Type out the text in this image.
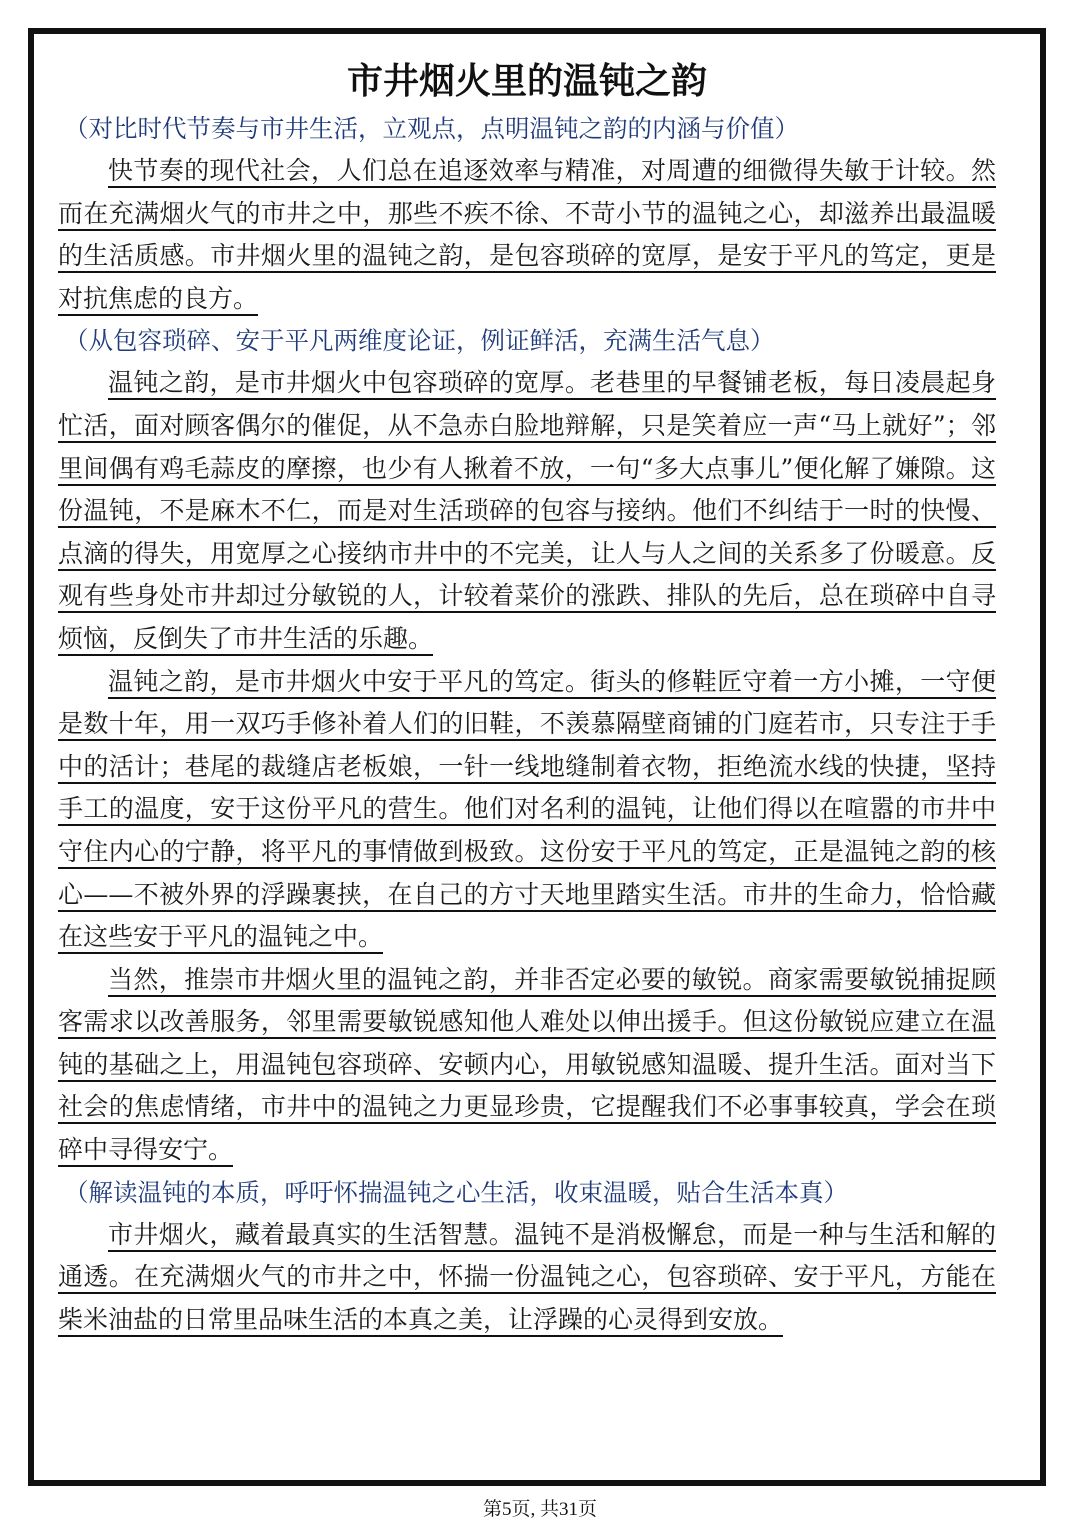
市井烟火里的温钝之韵

（对比时代节奏与市井生活，立观点，点明温钝之韵的内涵与价值）

快节奏的现代社会，人们总在追逐效率与精准，对周遭的细微得失敏于计较。然而在充满烟火气的市井之中，那些不疾不徐、不苛小节的温钝之心，却滋养出最温暖的生活质感。市井烟火里的温钝之韵，是包容琐碎的宽厚，是安于平凡的笃定，更是对抗焦虑的良方。

（从包容琐碎、安于平凡两维度论证，例证鲜活，充满生活气息）

温钝之韵，是市井烟火中包容琐碎的宽厚。老巷里的早餐铺老板，每日凌晨起身忙活，面对顾客偶尔的催促，从不急赤白脸地辩解，只是笑着应一声“马上就好”；邻里间偶有鸡毛蒜皮的摩擦，也少有人揪着不放，一句“多大点事儿”便化解了嫌隙。这份温钝，不是麻木不仁，而是对生活琐碎的包容与接纳。他们不纠结于一时的快慢、点滴的得失，用宽厚之心接纳市井中的不完美，让人与人之间的关系多了份暖意。反观有些身处市井却过分敏锐的人，计较着菜价的涨跌、排队的先后，总在琐碎中自寻烦恼，反倒失了市井生活的乐趣。

温钝之韵，是市井烟火中安于平凡的笃定。街头的修鞋匠守着一方小摊，一守便是数十年，用一双巧手修补着人们的旧鞋，不羡慕隔壁商铺的门庭若市，只专注于手中的活计；巷尾的裁缝店老板娘，一针一线地缝制着衣物，拒绝流水线的快捷，坚持手工的温度，安于这份平凡的营生。他们对名利的温钝，让他们得以在喧嚣的市井中守住内心的宁静，将平凡的事情做到极致。这份安于平凡的笃定，正是温钝之韵的核心——不被外界的浮躁裹挟，在自己的方寸天地里踏实生活。市井的生命力，恰恰藏在这些安于平凡的温钝之中。

当然，推崇市井烟火里的温钝之韵，并非否定必要的敏锐。商家需要敏锐捕捉顾客需求以改善服务，邻里需要敏锐感知他人难处以伸出援手。但这份敏锐应建立在温钝的基础之上，用温钝包容琐碎、安顿内心，用敏锐感知温暖、提升生活。面对当下社会的焦虑情绪，市井中的温钝之力更显珍贵，它提醒我们不必事事较真，学会在琐碎中寻得安宁。

（解读温钝的本质，呼吁怀揣温钝之心生活，收束温暖，贴合生活本真）

市井烟火，藏着最真实的生活智慧。温钝不是消极懈怠，而是一种与生活和解的通透。在充满烟火气的市井之中，怀揣一份温钝之心，包容琐碎、安于平凡，方能在柴米油盐的日常里品味生活的本真之美，让浮躁的心灵得到安放。

第5页, 共31页
